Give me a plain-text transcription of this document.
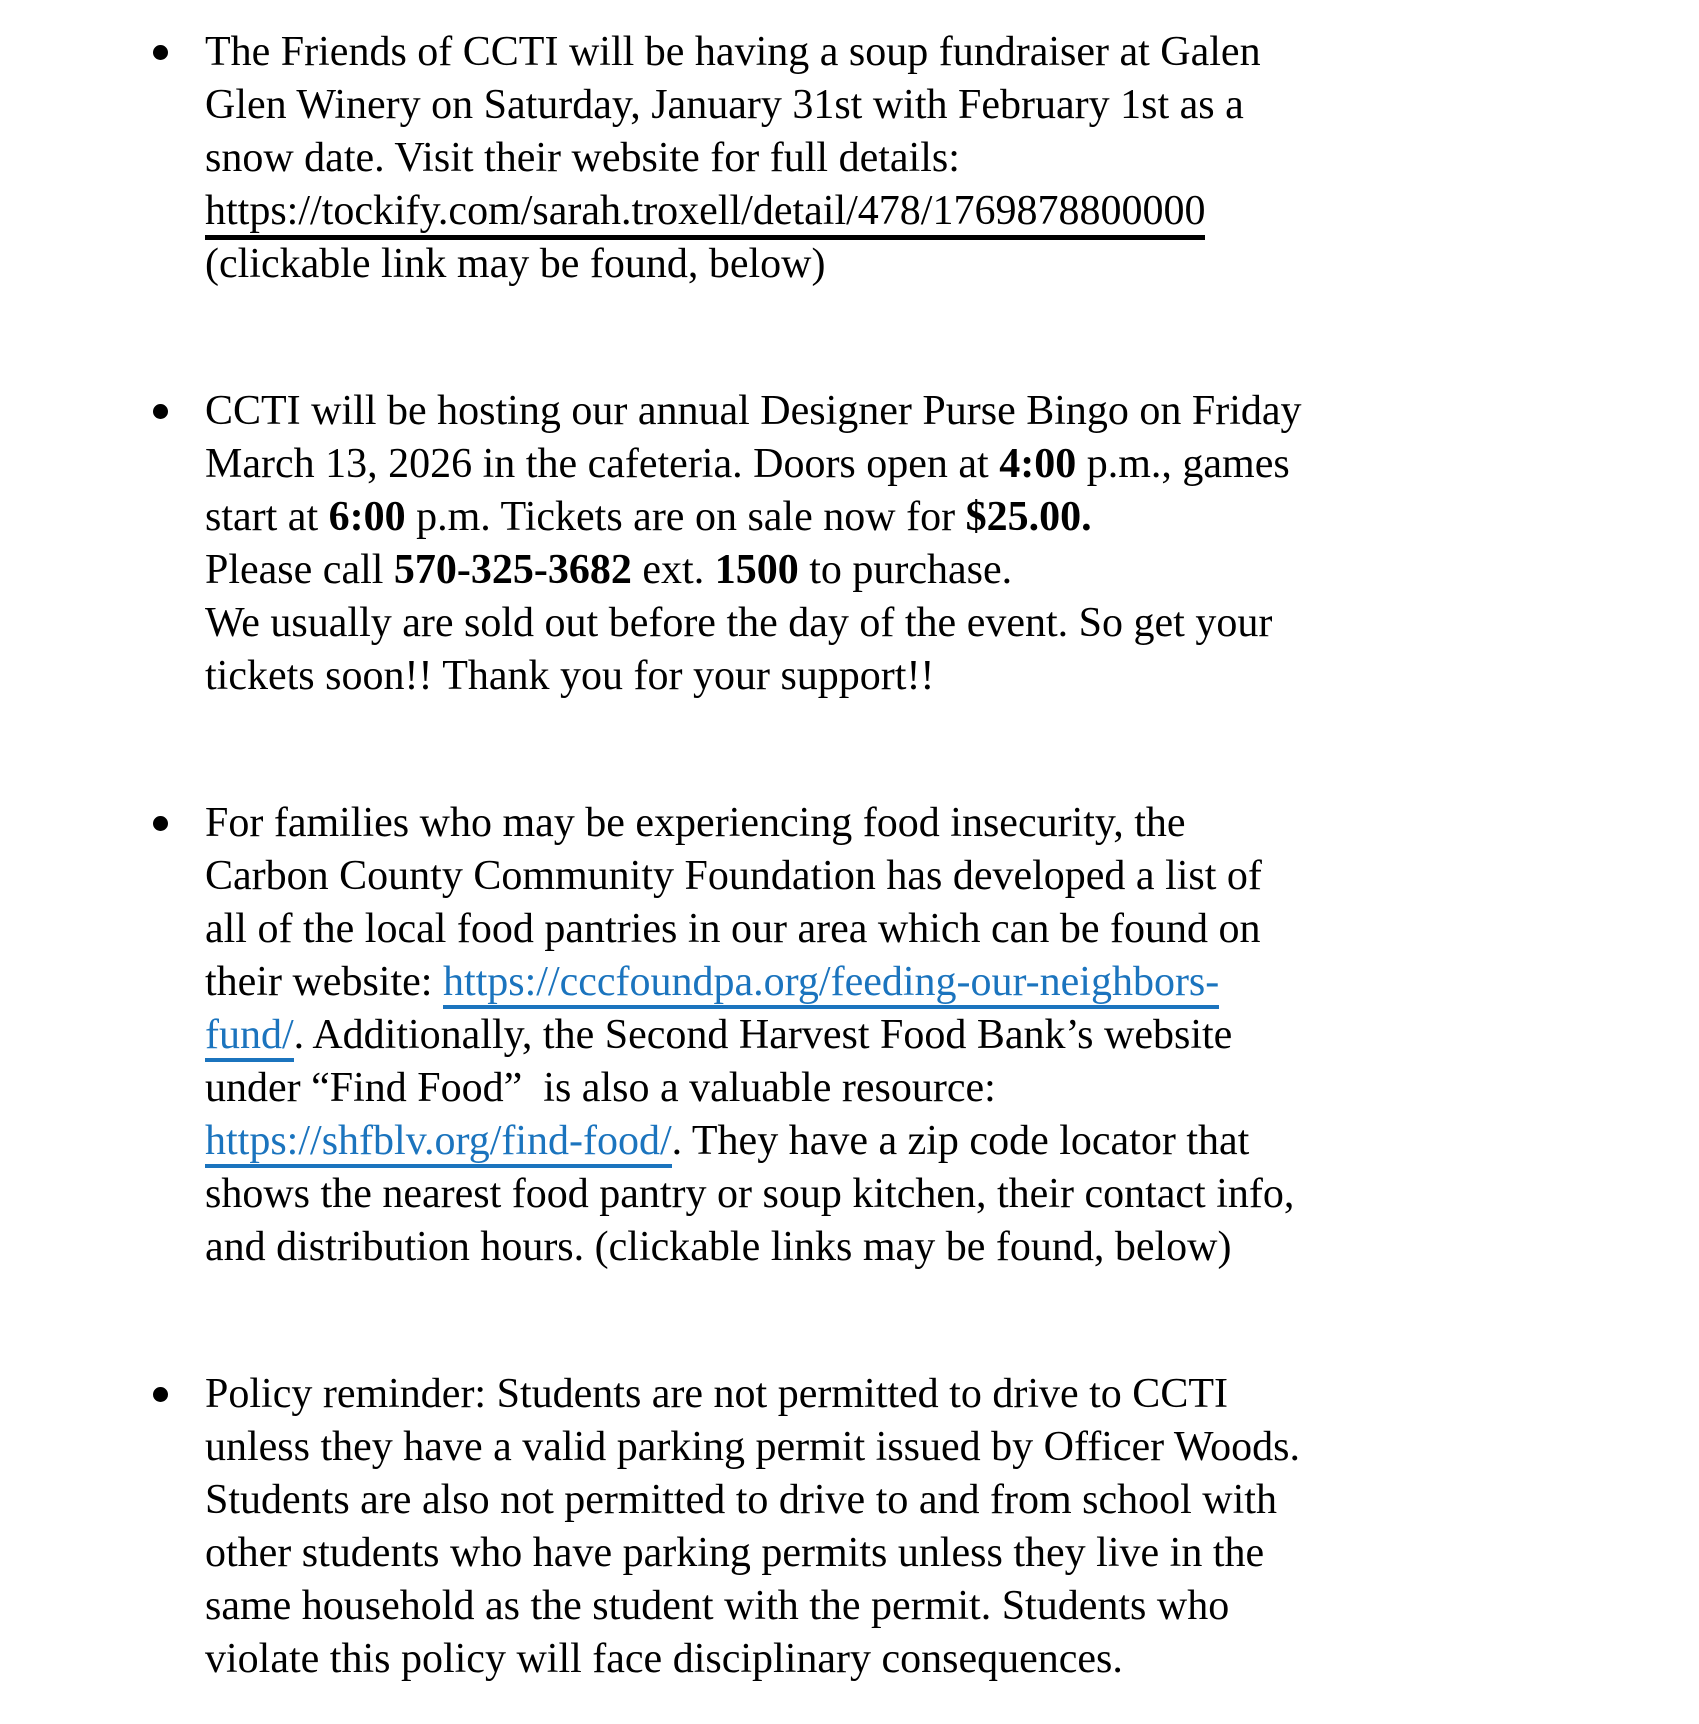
The Friends of CCTI will be having a soup fundraiser at Galen
Glen Winery on Saturday, January 31st with February 1st as a
snow date. Visit their website for full details:
https://tockify.com/sarah.troxell/detail/478/1769878800000
(clickable link may be found, below)
CCTI will be hosting our annual Designer Purse Bingo on Friday
March 13, 2026 in the cafeteria. Doors open at 4:00 p.m., games
start at 6:00 p.m. Tickets are on sale now for $25.00.
Please call 570-325-3682 ext. 1500 to purchase.
We usually are sold out before the day of the event. So get your
tickets soon!! Thank you for your support!!
For families who may be experiencing food insecurity, the
Carbon County Community Foundation has developed a list of
all of the local food pantries in our area which can be found on
their website: https://cccfoundpa.org/feeding-our-neighbors-
fund/. Additionally, the Second Harvest Food Bank’s website
under “Find Food”  is also a valuable resource:
https://shfblv.org/find-food/. They have a zip code locator that
shows the nearest food pantry or soup kitchen, their contact info,
and distribution hours. (clickable links may be found, below)
Policy reminder: Students are not permitted to drive to CCTI
unless they have a valid parking permit issued by Officer Woods.
Students are also not permitted to drive to and from school with
other students who have parking permits unless they live in the
same household as the student with the permit. Students who
violate this policy will face disciplinary consequences.
